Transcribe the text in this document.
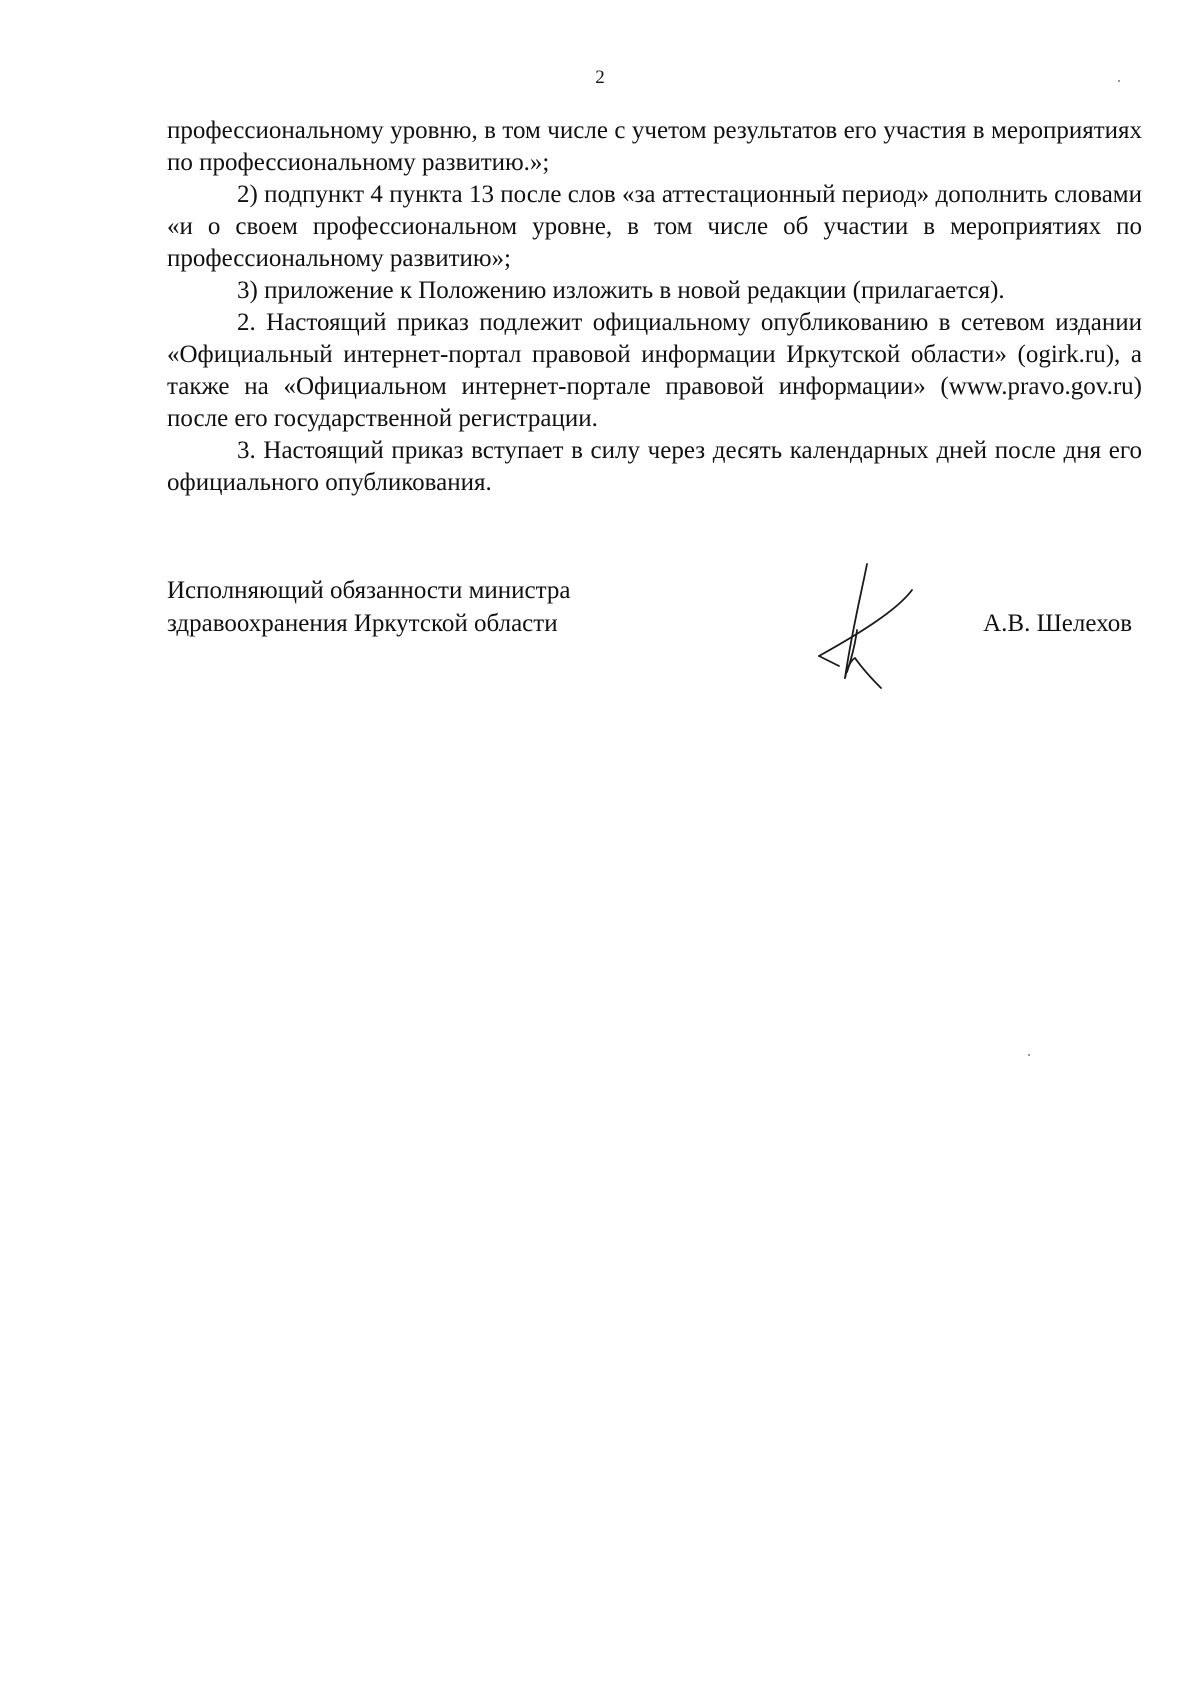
2

профессиональному уровню, в том числе с учетом результатов его участия в мероприятиях по профессиональному развитию.»;

2) подпункт 4 пункта 13 после слов «за аттестационный период» дополнить словами «и о своем профессиональном уровне, в том числе об участии в мероприятиях по профессиональному развитию»;

3) приложение к Положению изложить в новой редакции (прилагается).

2. Настоящий приказ подлежит официальному опубликованию в сетевом издании «Официальный интернет-портал правовой информации Иркутской области» (ogirk.ru), а также на «Официальном интернет-портале правовой информации» (www.pravo.gov.ru) после его государственной регистрации.

3. Настоящий приказ вступает в силу через десять календарных дней после дня его официального опубликования.

Исполняющий обязанности министра
здравоохранения Иркутской области	А.В. Шелехов
